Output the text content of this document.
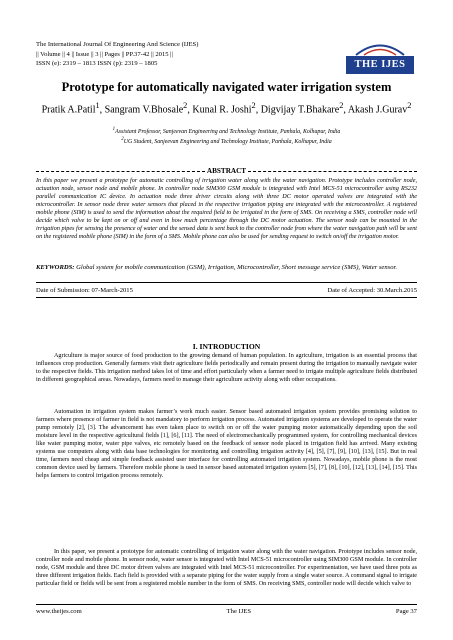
The International Journal Of Engineering And Science (IJES)
|| Volume || 4 || Issue || 3 || Pages || PP.37-42 || 2015 ||
ISSN (e): 2319 – 1813 ISSN (p): 2319 – 1805	THE IJES
Prototype for automatically navigated water irrigation system
Pratik A.Patil$^1$, Sangram V.Bhosale$^2$, Kunal R. Joshi$^2$, Digvijay T.Bhakare$^2$, Akash J.Gurav$^2$
$^1$Assistant Professor, Sanjeevan Engineering and Technology Institute, Panhala, Kolhapur, India
$^2$UG Student, Sanjeevan Engineering and Technology Institute, Panhala, Kolhapur, India
ABSTRACT
In this paper we present a prototype for automatic controlling of irrigation water along with the water navigation. Prototype includes controller node, actuation node, sensor node and mobile phone. In controller node SIM300 GSM module is integrated with Intel MCS-51 microcontroller using RS232 parallel communication IC device. In actuation node three driver circuits along with three DC motor operated valves are integrated with the microcontroller. In sensor node three water sensors that placed in the respective irrigation piping are integrated with the microcontroller. A registered mobile phone (SIM) is used to send the information about the required field to be irrigated in the form of SMS. On receiving a SMS, controller node will decide which valve to be kept on or off and even in how much percentage through the DC motor actuation. The sensor node can be mounted in the irrigation pipes for sensing the presence of water and the sensed data is sent back to the controller node from where the water navigation path will be sent on the registered mobile phone (SIM) in the form of a SMS. Mobile phone can also be used for sending request to switch on/off the irrigation motor.
KEYWORDS: Global system for mobile communication (GSM), Irrigation, Microcontroller, Short message service (SMS), Water sensor.
Date of Submission: 07-March-2015	Date of Accepted: 30.March.2015
I. INTRODUCTION

Agriculture is major source of food production to the growing demand of human population. In agriculture, irrigation is an essential process that influences crop production. Generally farmers visit their agriculture fields periodically and remain present during the irrigation to manually navigate water to the respective fields. This irrigation method takes lot of time and effort particularly when a farmer need to irrigate multiple agriculture fields distributed in different geographical areas. Nowadays, farmers need to manage their agriculture activity along with other occupations.

Automation in irrigation system makes farmer’s work much easier. Sensor based automated irrigation system provides promising solution to farmers where presence of farmer in field is not mandatory to perform irrigation process. Automated irrigation systems are developed to operate the water pump remotely [2], [3]. The advancement has even taken place to switch on or off the water pumping motor automatically depending upon the soil moisture level in the respective agricultural fields [1], [6], [11]. The need of electromechanically programmed system, for controlling mechanical devices like water pumping motor, water pipe valves, etc remotely based on the feedback of sensor node placed in irrigation field has arrived. Many existing systems use computers along with data base technologies for monitoring and controlling irrigation activity [4], [5], [7], [9], [10], [13], [15]. But in real time, farmers need cheap and simple feedback assisted user interface for controlling automated irrigation system. Nowadays, mobile phone is the most common device used by farmers. Therefore mobile phone is used in sensor based automated irrigation system [5], [7], [8], [10], [12], [13], [14], [15]. This helps farmers to control irrigation process remotely.

In this paper, we present a prototype for automatic controlling of irrigation water along with the water navigation. Prototype includes sensor node, controller node and mobile phone. In sensor node, water sensor is integrated with Intel MCS-51 microcontroller using SIM300 GSM module. In controller node, GSM module and three DC motor driven valves are integrated with Intel MCS-51 microcontroller. For experimentation, we have used three pots as three different irrigation fields. Each field is provided with a separate piping for the water supply from a single water source. A command signal to irrigate particular field or fields will be sent from a registered mobile number in the form of SMS. On receiving SMS, controller node will decide which valve to

www.theijes.com	The IJES	Page 37
